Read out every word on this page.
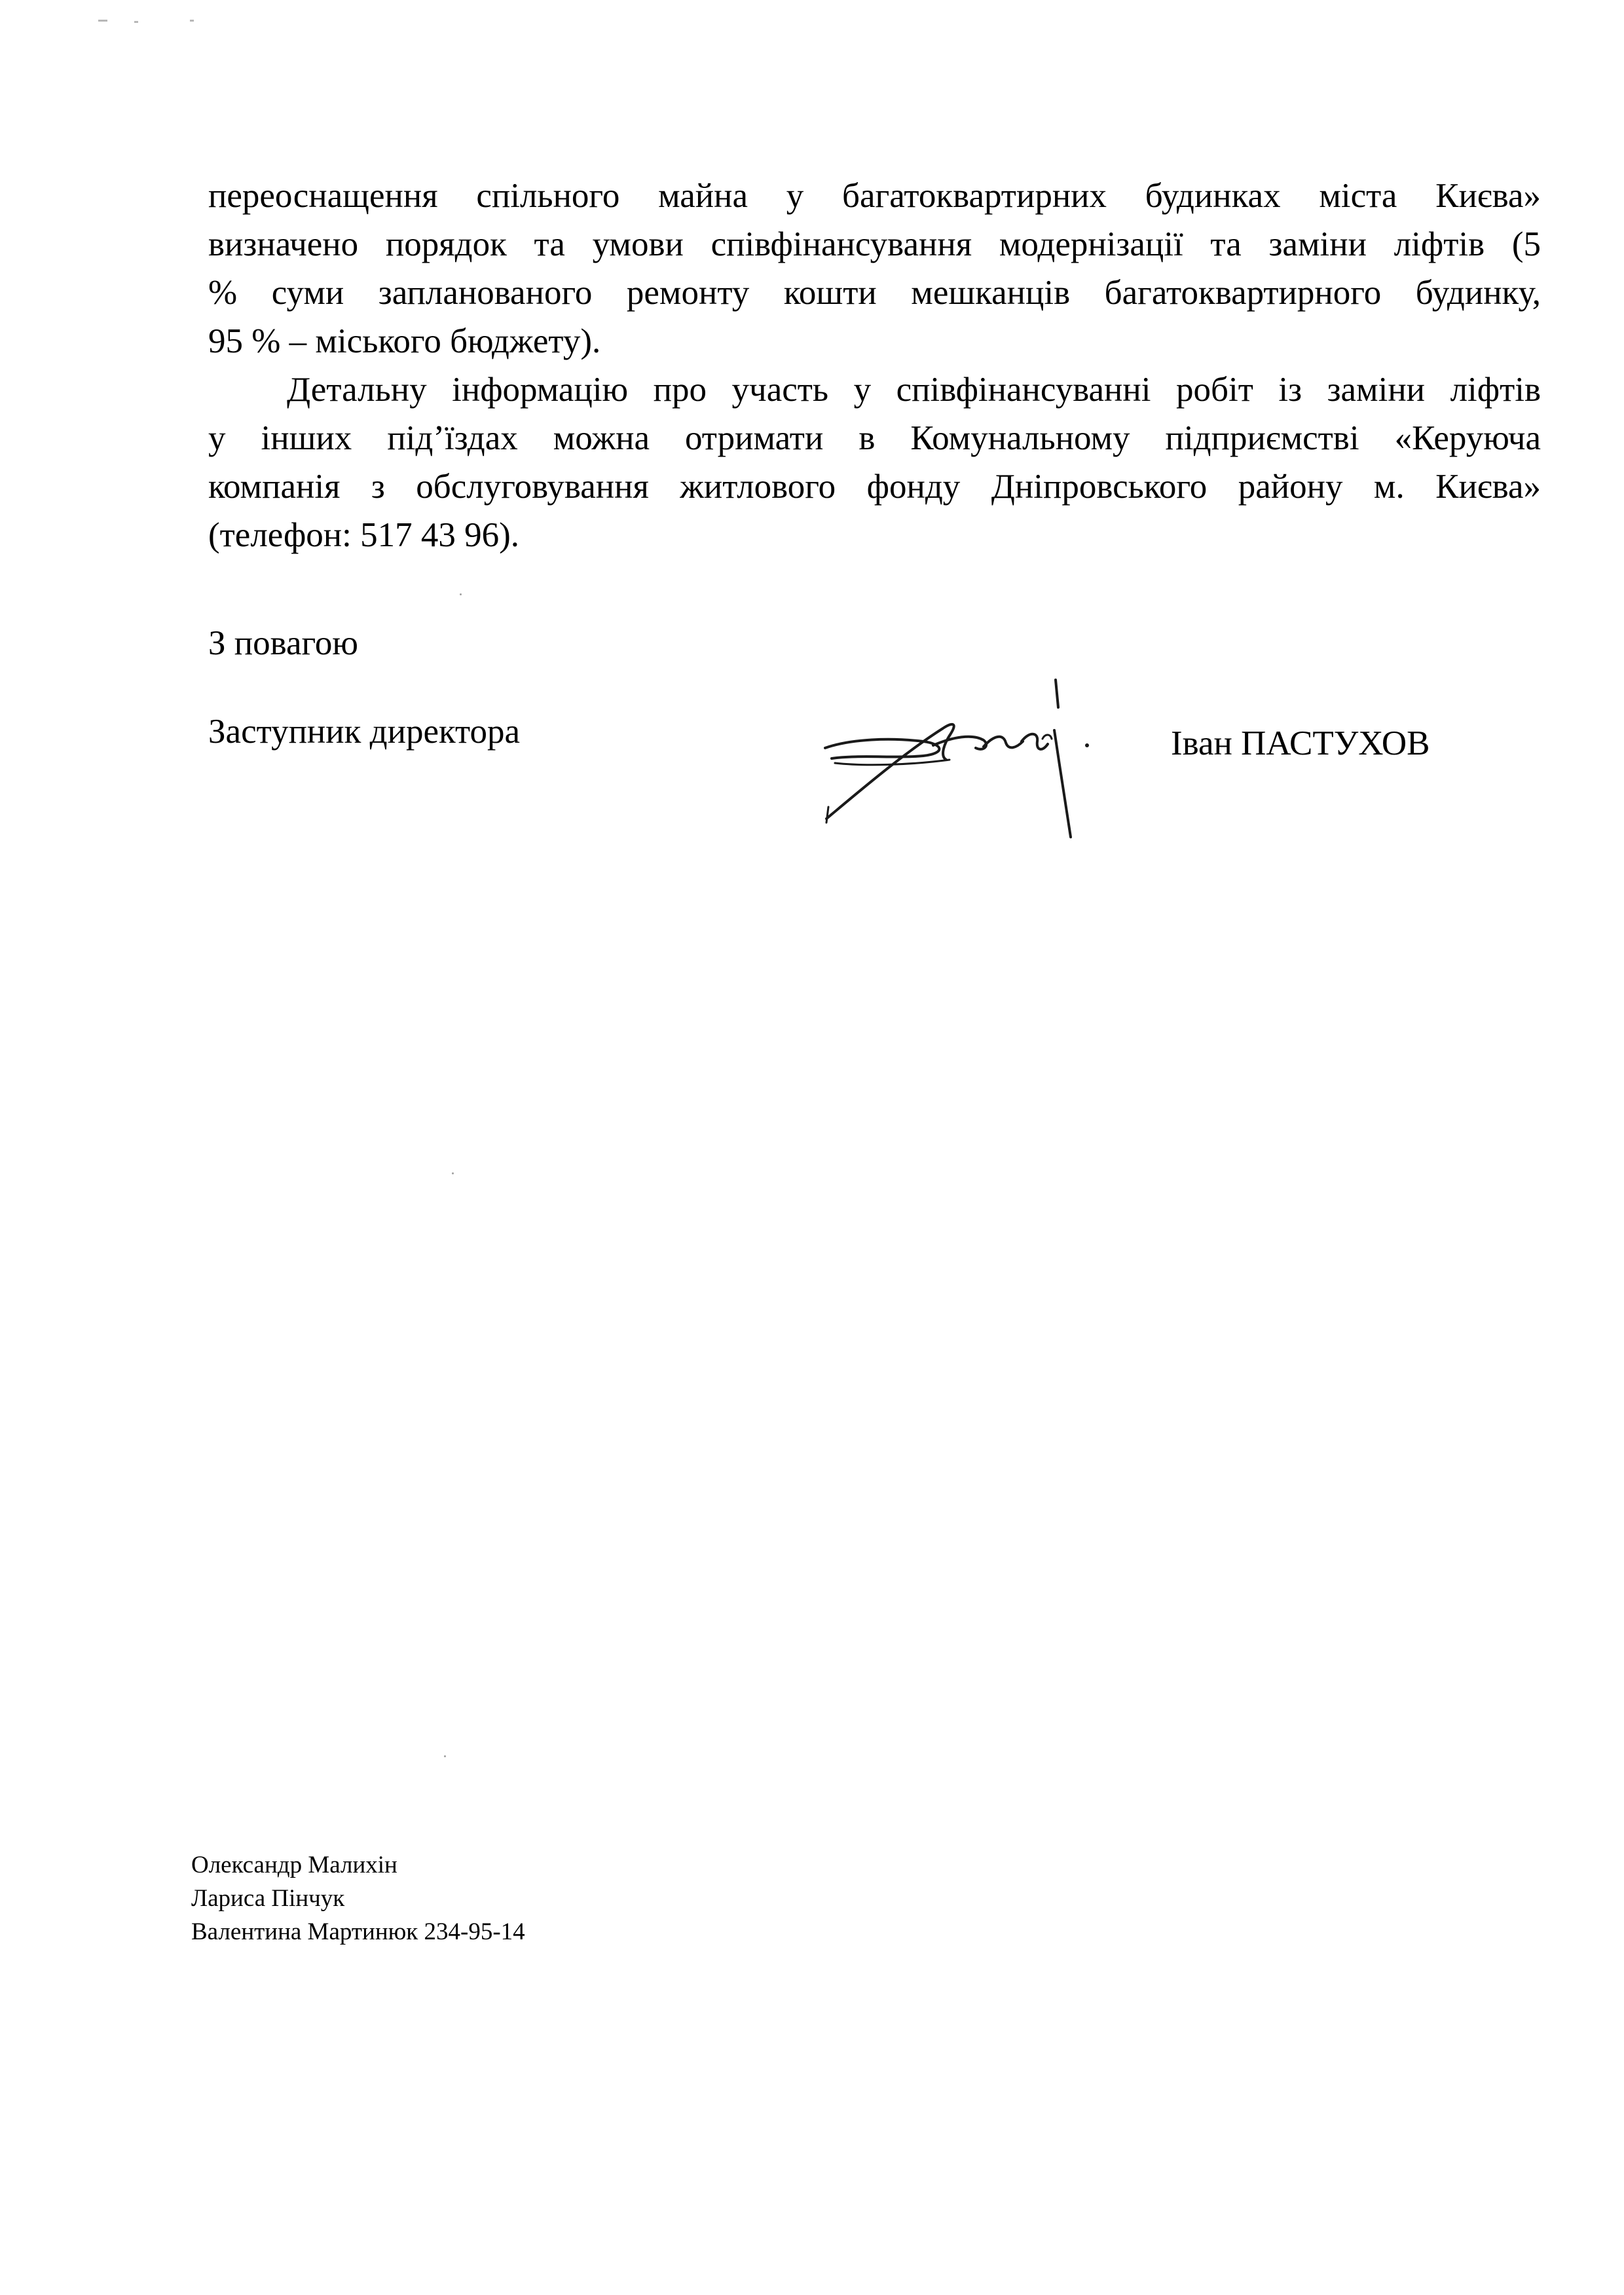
переоснащення спільного майна у багатоквартирних будинках міста Києва»
визначено порядок та умови співфінансування модернізації та заміни ліфтів (5
% суми запланованого ремонту кошти мешканців багатоквартирного будинку,
95 % – міського бюджету).

Детальну інформацію про участь у співфінансуванні робіт із заміни ліфтів
у інших під’їздах можна отримати в Комунальному підприємстві «Керуюча
компанія з обслуговування житлового фонду Дніпровського району м. Києва»
(телефон: 517 43 96).

З повагою
Заступник директора	Іван ПАСТУХОВ
Олександр Малихін
Лариса Пінчук
Валентина Мартинюк 234-95-14
